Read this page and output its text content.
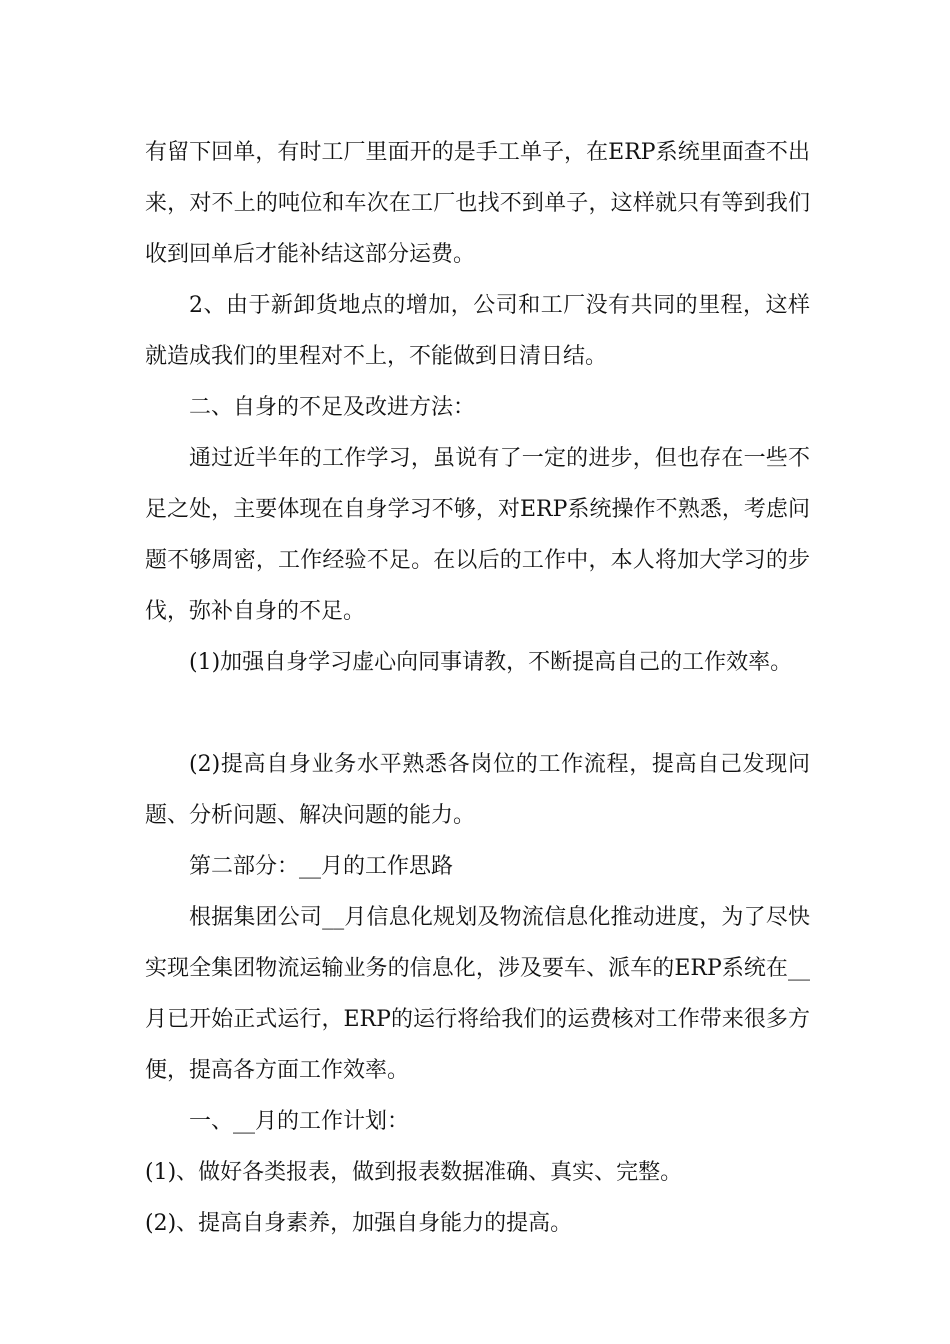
有留下回单，有时工厂里面开的是手工单子，在ERP系统里面查不出来，对不上的吨位和车次在工厂也找不到单子，这样就只有等到我们收到回单后才能补结这部分运费。

2、由于新卸货地点的增加，公司和工厂没有共同的里程，这样就造成我们的里程对不上，不能做到日清日结。

二、自身的不足及改进方法：

通过近半年的工作学习，虽说有了一定的进步，但也存在一些不足之处，主要体现在自身学习不够，对ERP系统操作不熟悉，考虑问题不够周密，工作经验不足。在以后的工作中，本人将加大学习的步伐，弥补自身的不足。

(1)加强自身学习虚心向同事请教，不断提高自己的工作效率。

(2)提高自身业务水平熟悉各岗位的工作流程，提高自己发现问题、分析问题、解决问题的能力。

第二部分：__月的工作思路

根据集团公司__月信息化规划及物流信息化推动进度，为了尽快实现全集团物流运输业务的信息化，涉及要车、派车的ERP系统在__月已开始正式运行，ERP的运行将给我们的运费核对工作带来很多方便，提高各方面工作效率。

一、__月的工作计划：

(1)、做好各类报表，做到报表数据准确、真实、完整。

(2)、提高自身素养，加强自身能力的提高。
